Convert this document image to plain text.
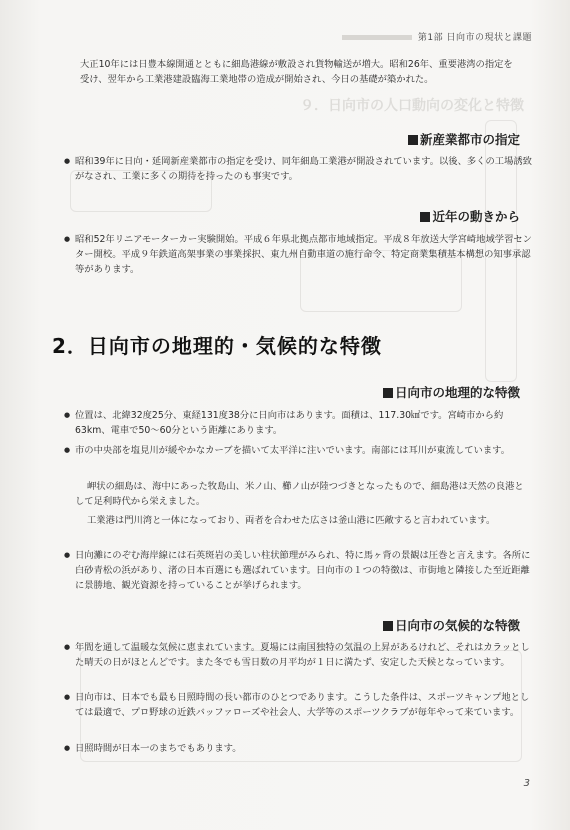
９．日向市の人口動向の変化と特徴
第1部 日向市の現状と課題

大正10年には日豊本線開通とともに細島港線が敷設され貨物輸送が増大。昭和26年、重要港湾の指定を受け、翌年から工業港建設臨海工業地帯の造成が開始され、今日の基礎が築かれた。

新産業都市の指定

● 昭和39年に日向・延岡新産業都市の指定を受け、同年細島工業港が開設されています。以後、多くの工場誘致がなされ、工業に多くの期待を持ったのも事実です。

近年の動きから

● 昭和52年リニアモーターカー実験開始。平成６年県北拠点都市地域指定。平成８年放送大学宮崎地域学習センター開校。平成９年鉄道高架事業の事業採択、東九州自動車道の施行命令、特定商業集積基本構想の知事承認等があります。

2．日向市の地理的・気候的な特徴
日向市の地理的な特徴

● 位置は、北緯32度25分、東経131度38分に日向市はあります。面積は、117.30㎢です。宮崎市から約63km、電車で50～60分という距離にあります。

● 市の中央部を塩見川が緩やかなカーブを描いて太平洋に注いでいます。南部には耳川が東流しています。

岬状の細島は、海中にあった牧島山、米ノ山、櫛ノ山が陸つづきとなったもので、細島港は天然の良港として足利時代から栄えました。

工業港は門川湾と一体になっており、両者を合わせた広さは釜山港に匹敵すると言われています。

● 日向灘にのぞむ海岸線には石英斑岩の美しい柱状節理がみられ、特に馬ヶ背の景観は圧巻と言えます。各所に白砂青松の浜があり、渚の日本百選にも選ばれています。日向市の１つの特徴は、市街地と隣接した至近距離に景勝地、観光資源を持っていることが挙げられます。

日向市の気候的な特徴

● 年間を通して温暖な気候に恵まれています。夏場には南国独特の気温の上昇があるけれど、それはカラッとした晴天の日がほとんどです。また冬でも雪日数の月平均が１日に満たず、安定した天候となっています。

● 日向市は、日本でも最も日照時間の長い都市のひとつであります。こうした条件は、スポーツキャンプ地としては最適で、プロ野球の近鉄バッファローズや社会人、大学等のスポーツクラブが毎年やって来ています。

● 日照時間が日本一のまちでもあります。

3
